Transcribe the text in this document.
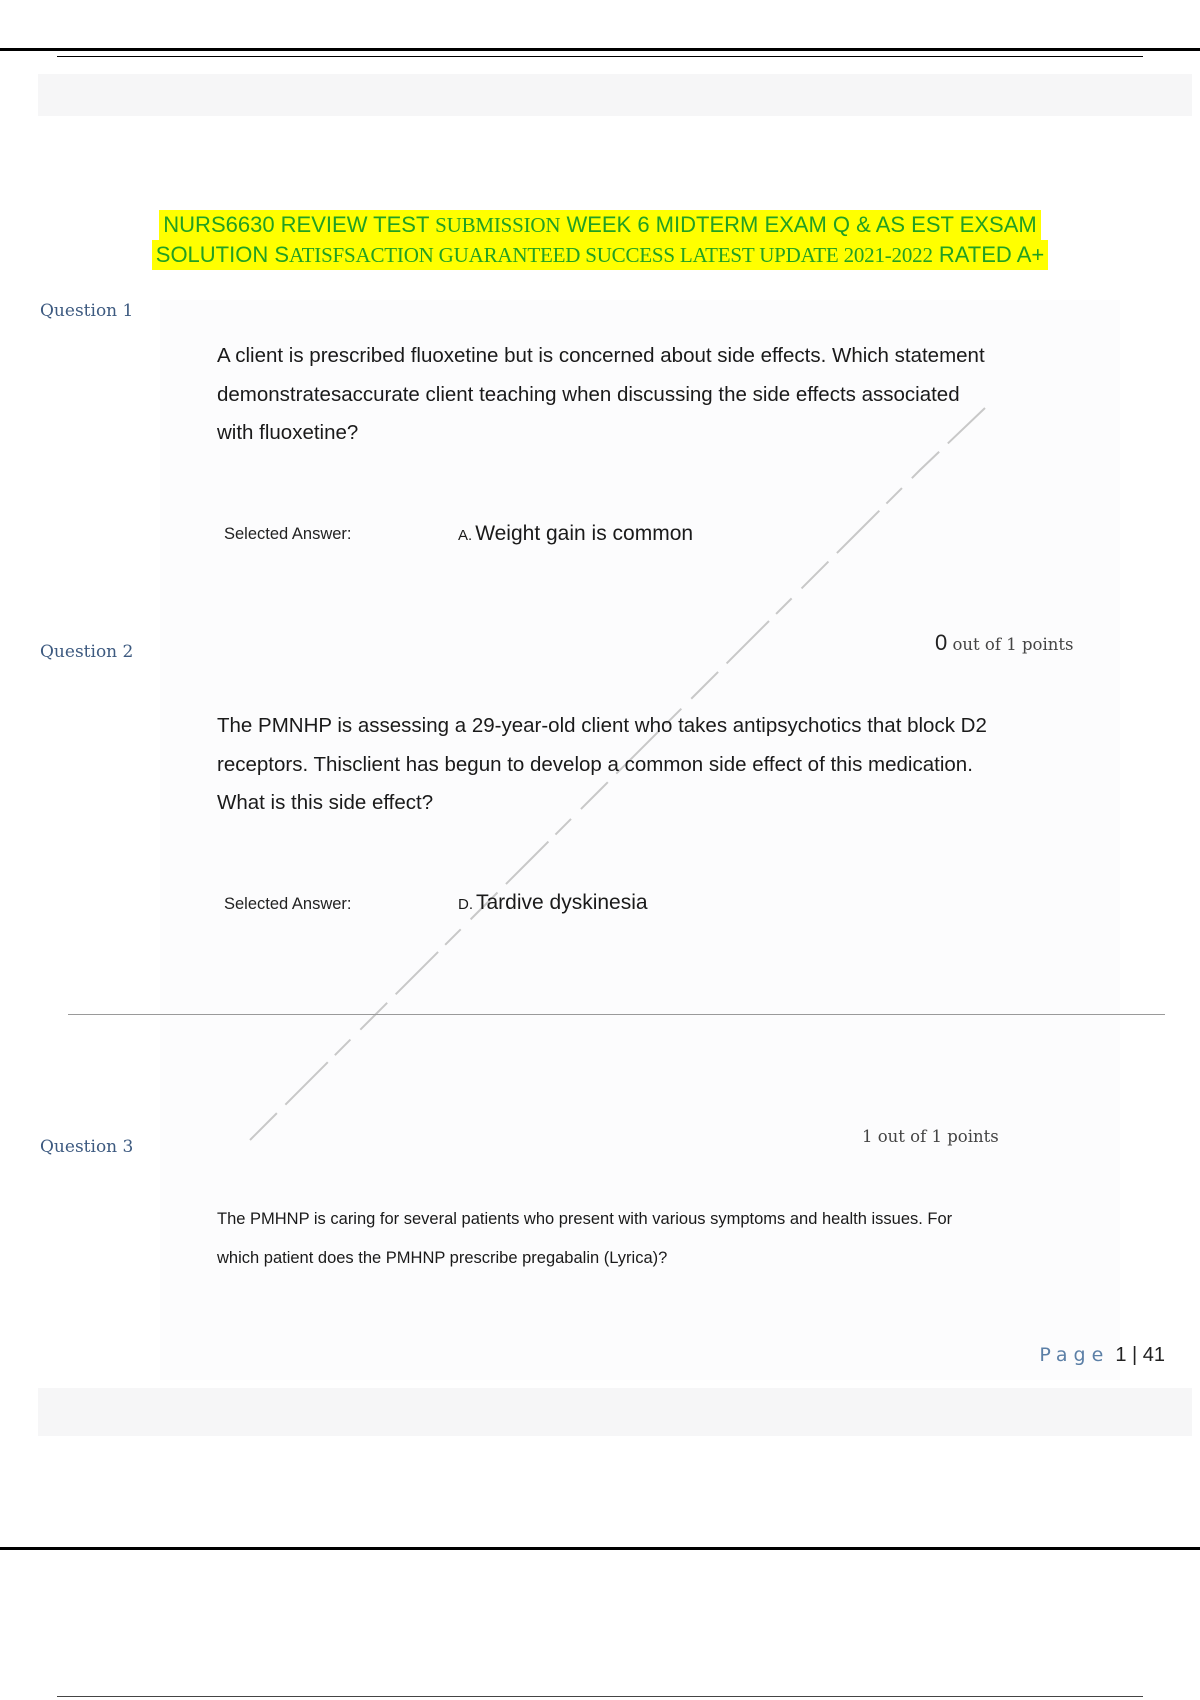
NURS6630 REVIEW TEST SUBMISSION WEEK 6 MIDTERM EXAM Q & AS EST EXSAM
SOLUTION SATISFSACTION GUARANTEED SUCCESS LATEST UPDATE 2021-2022 RATED A+
Question 1
A client is prescribed fluoxetine but is concerned about side effects. Which statement
demonstratesaccurate client teaching when discussing the side effects associated
with fluoxetine?
Selected Answer:	A. Weight gain is common
0 out of 1 points
Question 2
The PMNHP is assessing a 29-year-old client who takes antipsychotics that block D2
receptors. Thisclient has begun to develop a common side effect of this medication.
What is this side effect?
Selected Answer:	D. Tardive dyskinesia
1 out of 1 points
Question 3
The PMHNP is caring for several patients who present with various symptoms and health issues. For
which patient does the PMHNP prescribe pregabalin (Lyrica)?
Page 1 | 41
